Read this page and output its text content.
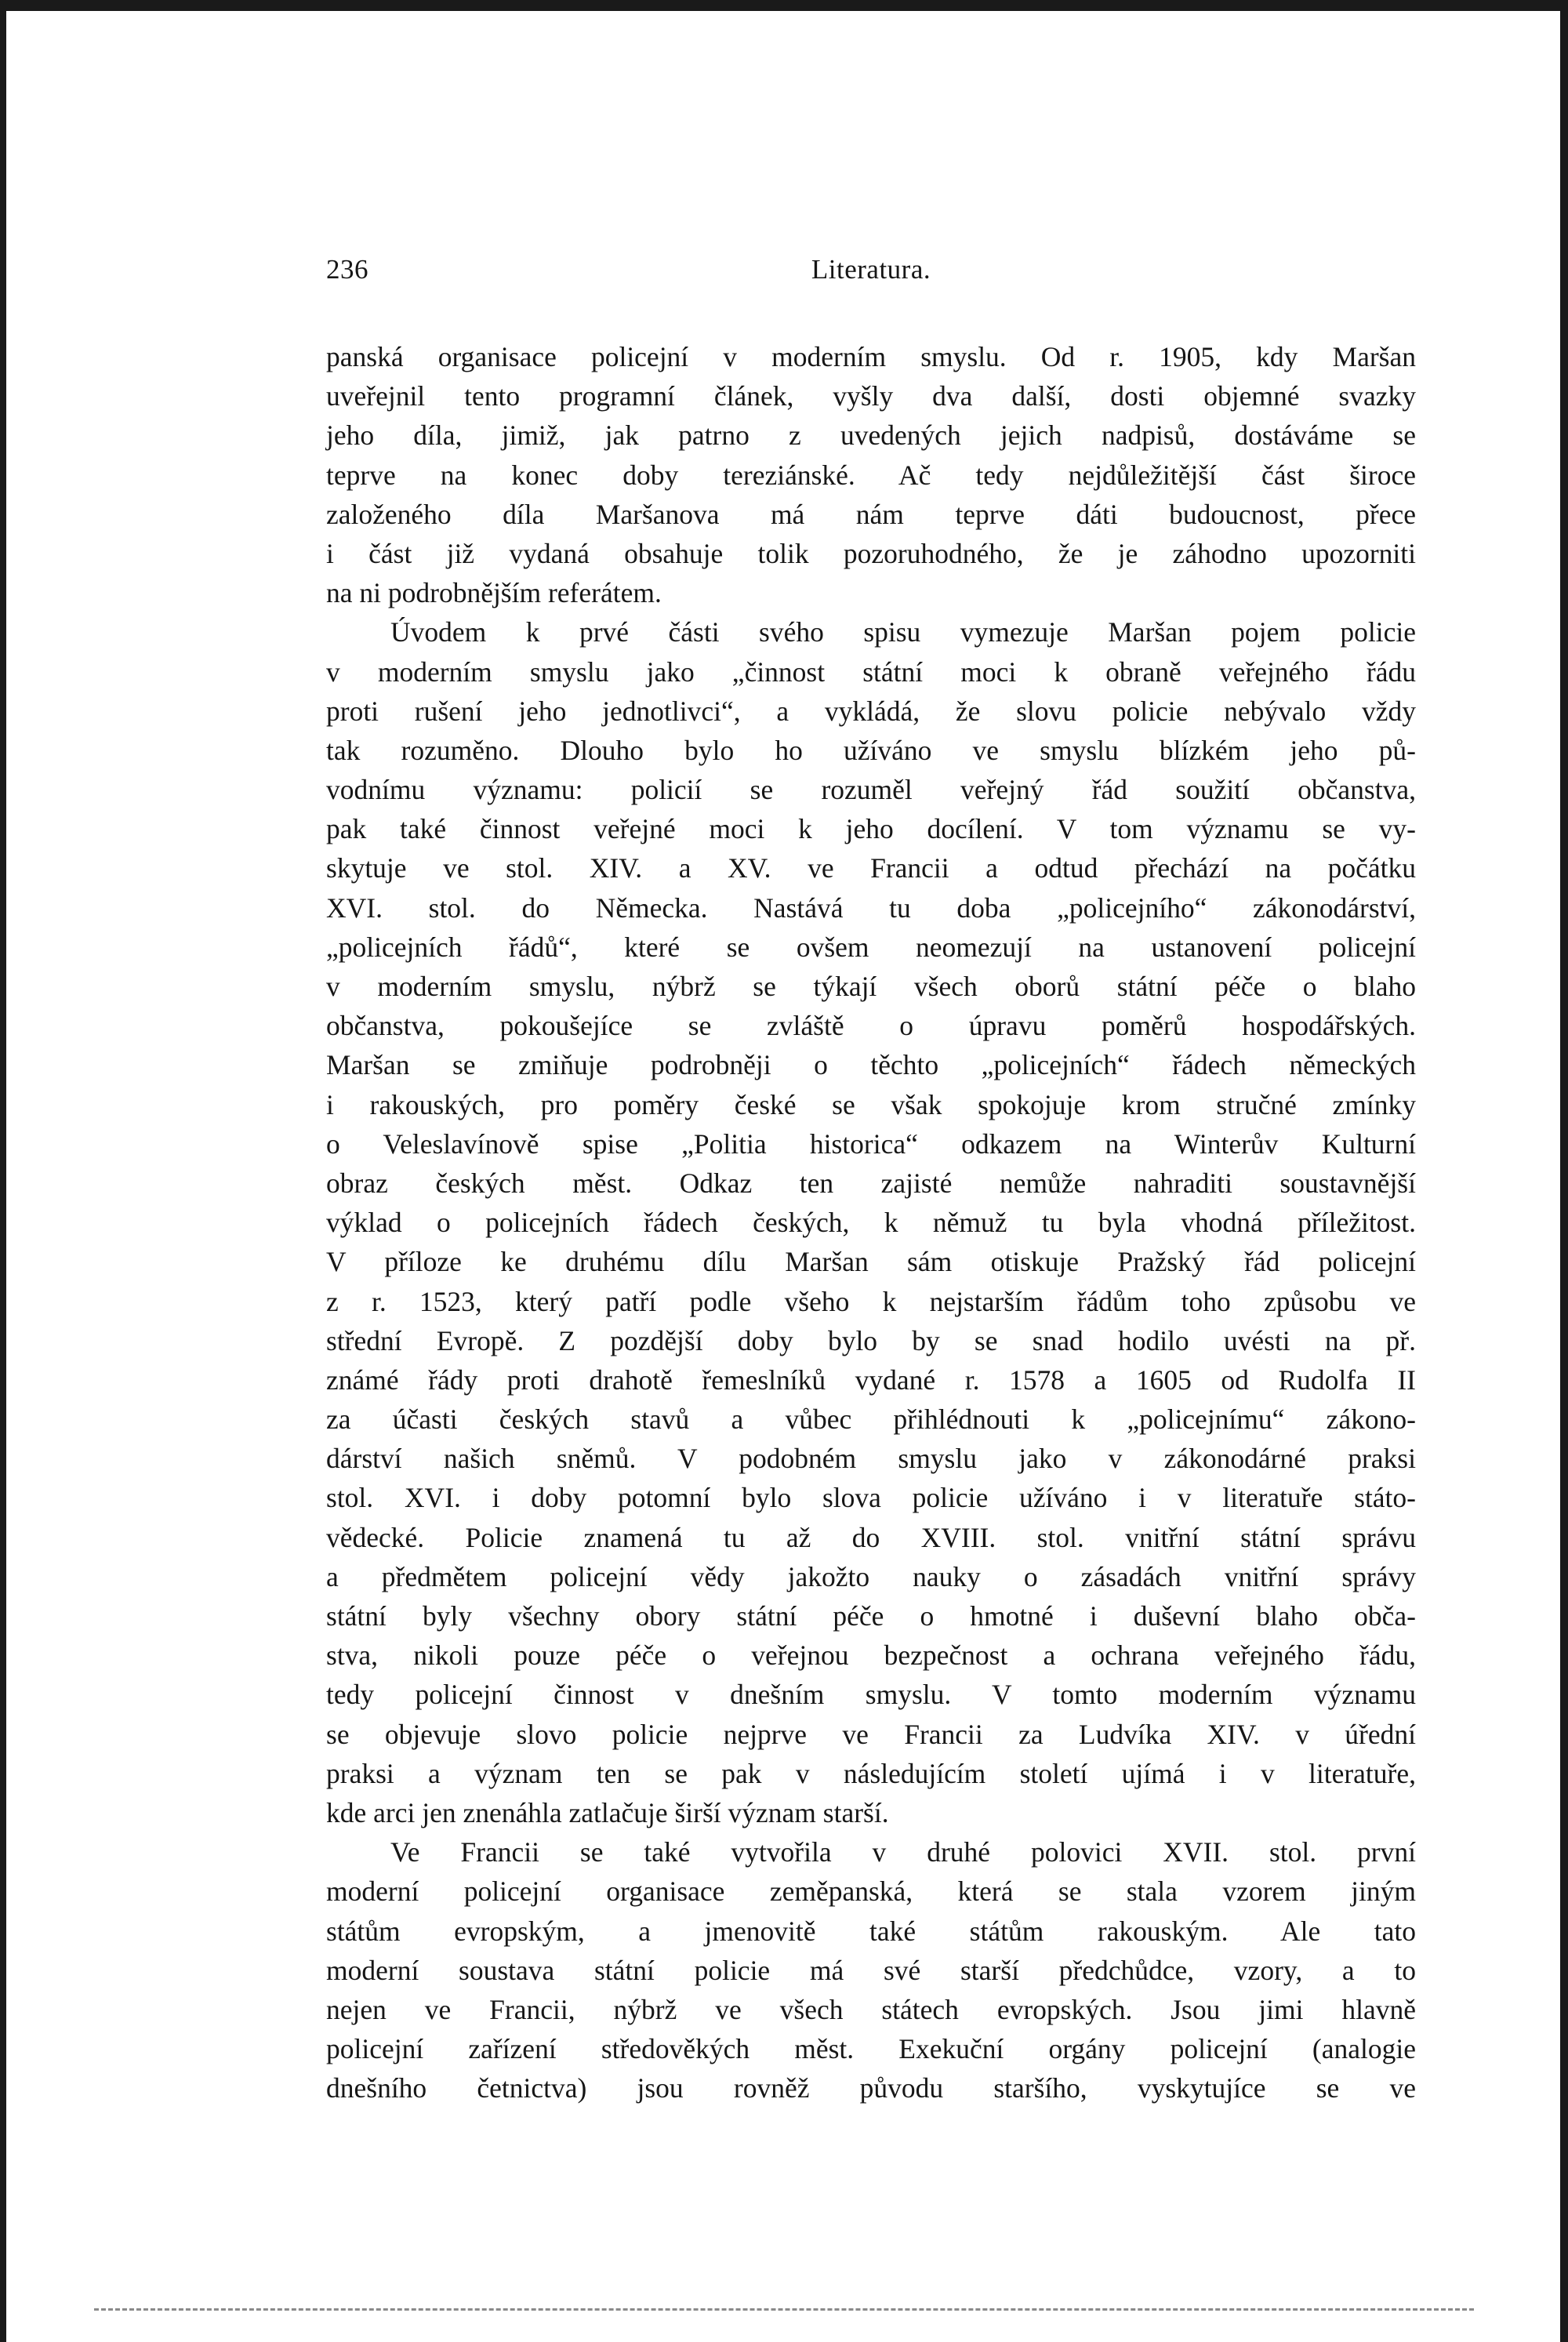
236	Literatura.
panská organisace policejní v moderním smyslu. Od r. 1905, kdy Maršan
uveřejnil tento programní článek, vyšly dva další, dosti objemné svazky
jeho díla, jimiž, jak patrno z uvedených jejich nadpisů, dostáváme se
teprve na konec doby tereziánské. Ač tedy nejdůležitější část široce
založeného díla Maršanova má nám teprve dáti budoucnost, přece
i část již vydaná obsahuje tolik pozoruhodného, že je záhodno upozorniti
na ni podrobnějším referátem.
Úvodem k prvé části svého spisu vymezuje Maršan pojem policie
v moderním smyslu jako „činnost státní moci k obraně veřejného řádu
proti rušení jeho jednotlivci“, a vykládá, že slovu policie nebývalo vždy
tak rozuměno. Dlouho bylo ho užíváno ve smyslu blízkém jeho pů-
vodnímu významu: policií se rozuměl veřejný řád soužití občanstva,
pak také činnost veřejné moci k jeho docílení. V tom významu se vy-
skytuje ve stol. XIV. a XV. ve Francii a odtud přechází na počátku
XVI. stol. do Německa. Nastává tu doba „policejního“ zákonodárství,
„policejních řádů“, které se ovšem neomezují na ustanovení policejní
v moderním smyslu, nýbrž se týkají všech oborů státní péče o blaho
občanstva, pokoušejíce se zvláště o úpravu poměrů hospodářských.
Maršan se zmiňuje podrobněji o těchto „policejních“ řádech německých
i rakouských, pro poměry české se však spokojuje krom stručné zmínky
o Veleslavínově spise „Politia historica“ odkazem na Winterův Kulturní
obraz českých měst. Odkaz ten zajisté nemůže nahraditi soustavnější
výklad o policejních řádech českých, k němuž tu byla vhodná příležitost.
V příloze ke druhému dílu Maršan sám otiskuje Pražský řád policejní
z r. 1523, který patří podle všeho k nejstarším řádům toho způsobu ve
střední Evropě. Z pozdější doby bylo by se snad hodilo uvésti na př.
známé řády proti drahotě řemeslníků vydané r. 1578 a 1605 od Rudolfa II
za účasti českých stavů a vůbec přihlédnouti k „policejnímu“ zákono-
dárství našich sněmů. V podobném smyslu jako v zákonodárné praksi
stol. XVI. i doby potomní bylo slova policie užíváno i v literatuře státo-
vědecké. Policie znamená tu až do XVIII. stol. vnitřní státní správu
a předmětem policejní vědy jakožto nauky o zásadách vnitřní správy
státní byly všechny obory státní péče o hmotné i duševní blaho obča-
stva, nikoli pouze péče o veřejnou bezpečnost a ochrana veřejného řádu,
tedy policejní činnost v dnešním smyslu. V tomto moderním významu
se objevuje slovo policie nejprve ve Francii za Ludvíka XIV. v úřední
praksi a význam ten se pak v následujícím století ujímá i v literatuře,
kde arci jen znenáhla zatlačuje širší význam starší.
Ve Francii se také vytvořila v druhé polovici XVII. stol. první
moderní policejní organisace zeměpanská, která se stala vzorem jiným
státům evropským, a jmenovitě také státům rakouským. Ale tato
moderní soustava státní policie má své starší předchůdce, vzory, a to
nejen ve Francii, nýbrž ve všech státech evropských. Jsou jimi hlavně
policejní zařízení středověkých měst. Exekuční orgány policejní (analogie
dnešního četnictva) jsou rovněž původu staršího, vyskytujíce se ve
